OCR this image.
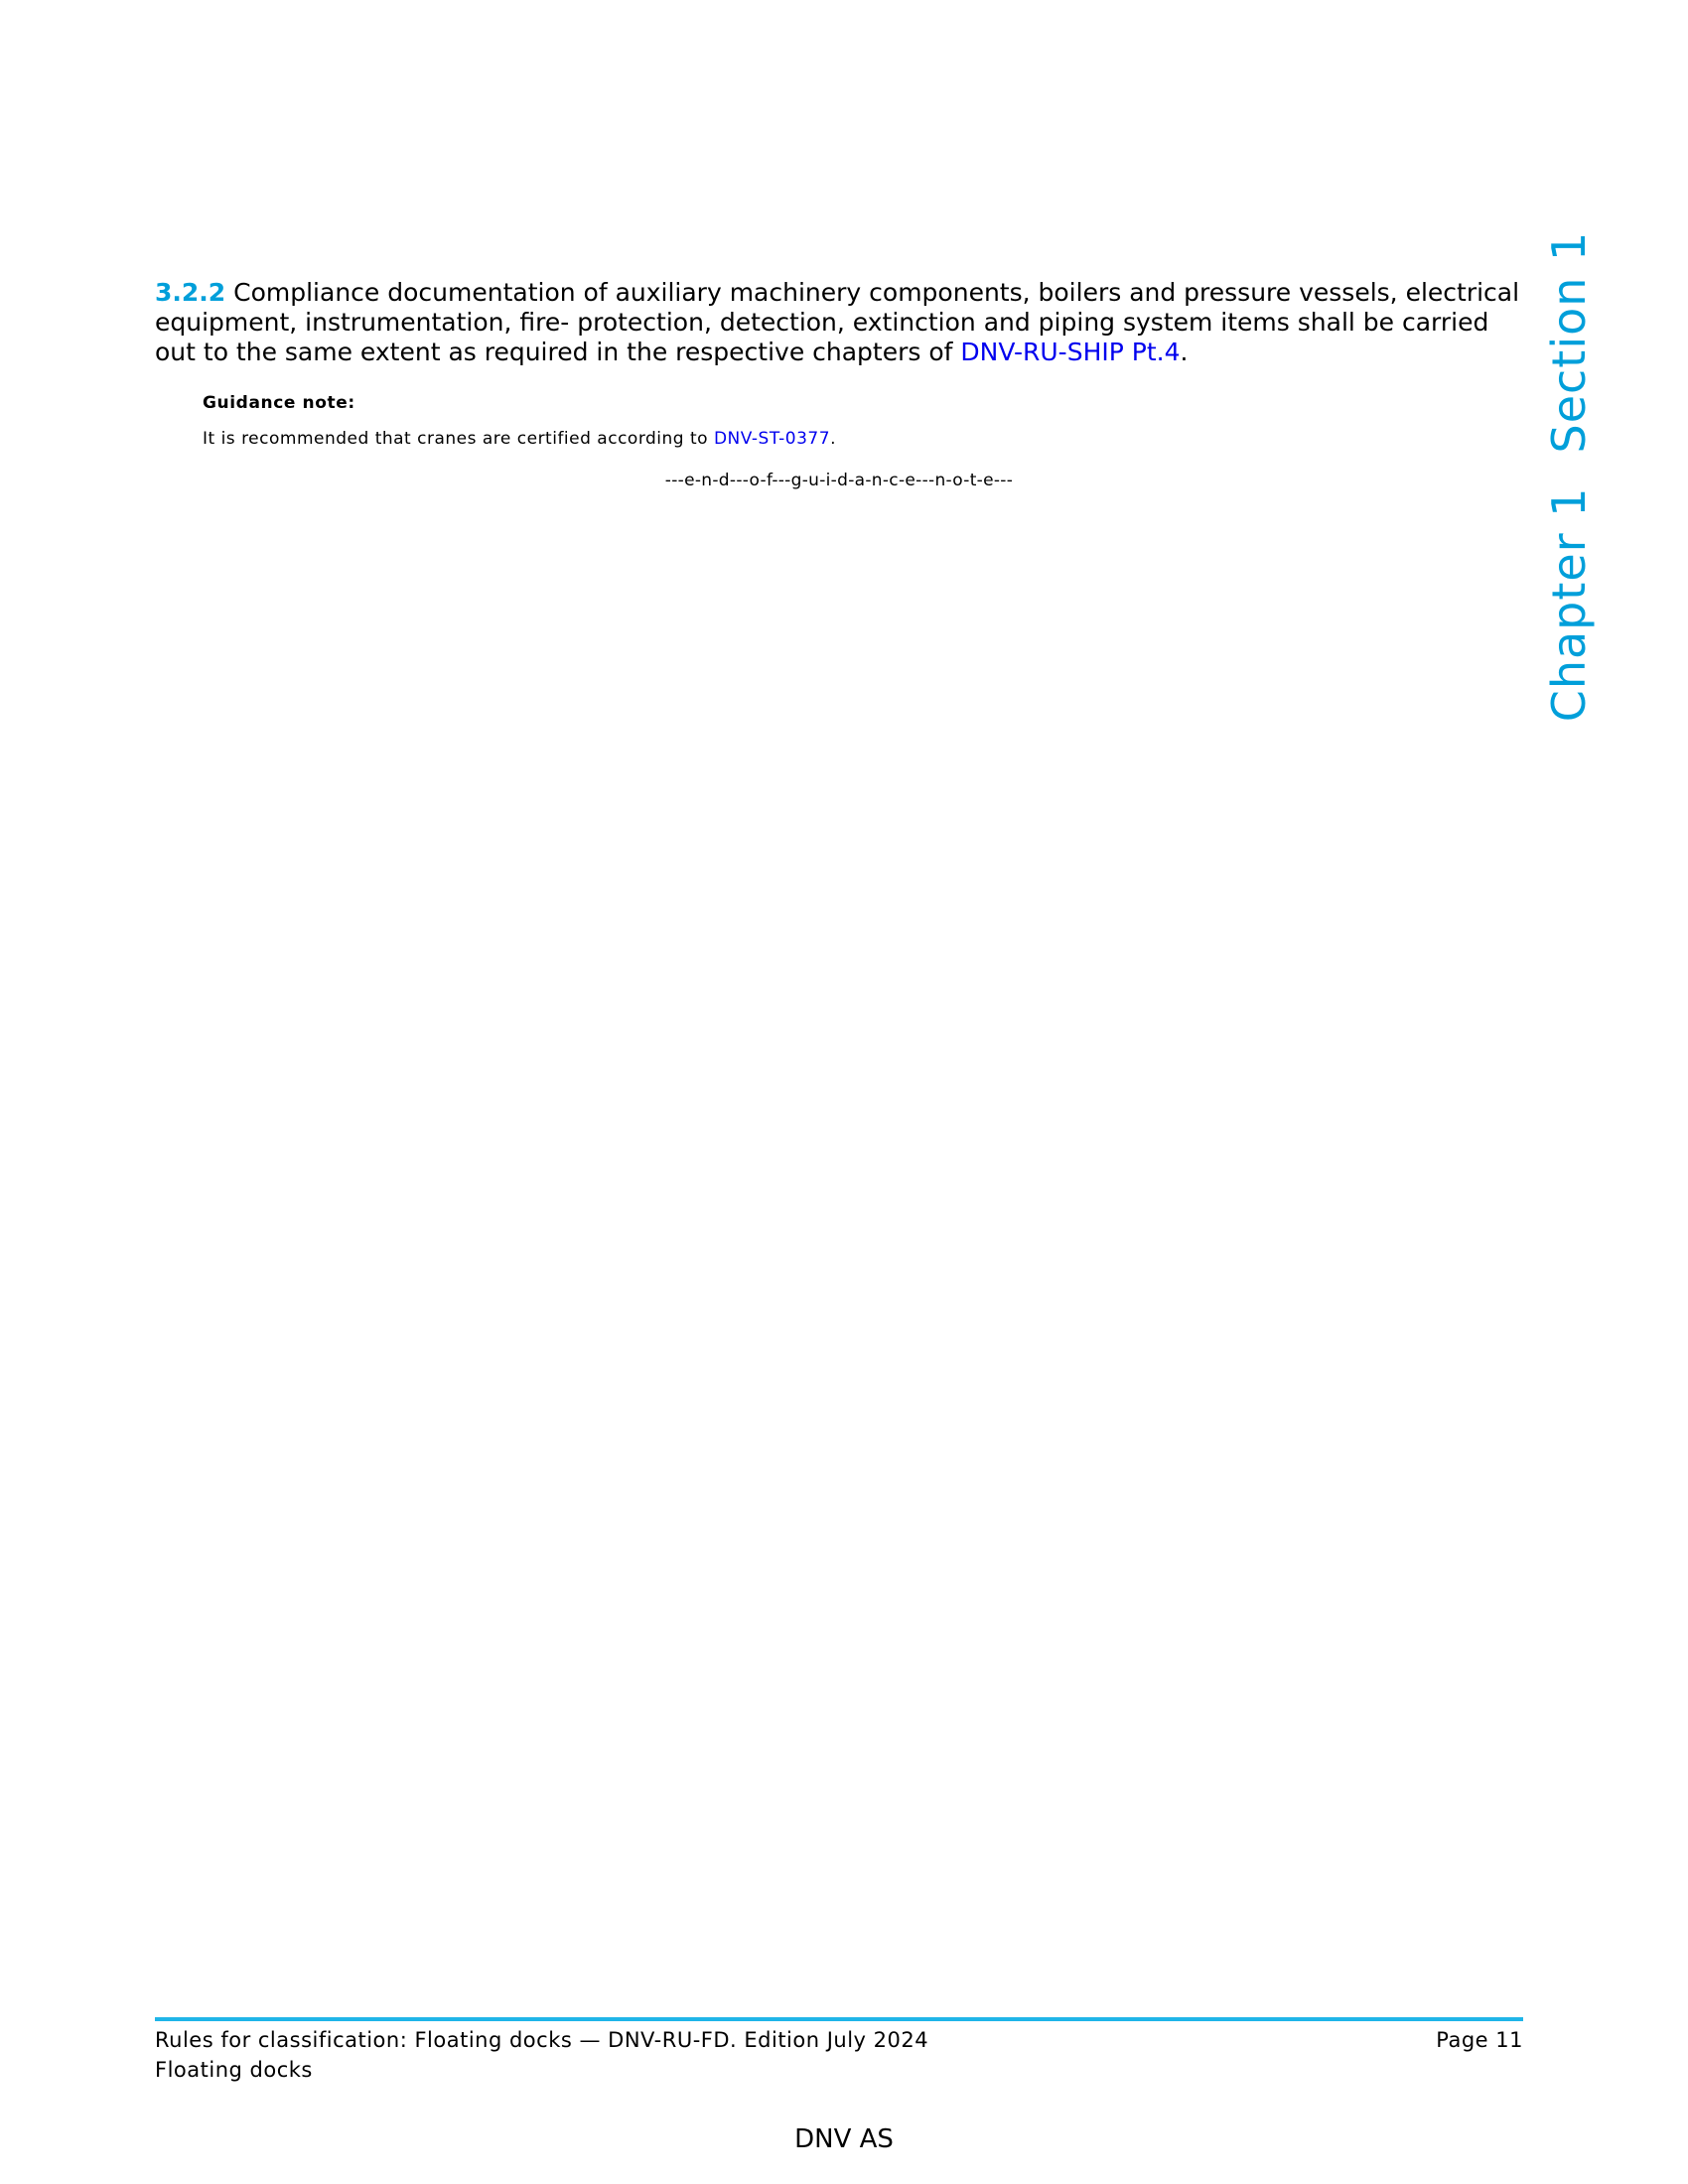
3.2.2 Compliance documentation of auxiliary machinery components, boilers and pressure vessels, electrical equipment, instrumentation, fire- protection, detection, extinction and piping system items shall be carried out to the same extent as required in the respective chapters of DNV-RU-SHIP Pt.4.

Guidance note:

It is recommended that cranes are certified according to DNV-ST-0377.

---e-n-d---o-f---g-u-i-d-a-n-c-e---n-o-t-e---

Chapter 1Section 1
Rules for classification: Floating docks — DNV-RU-FD. Edition July 2024	Page 11
Floating docks
DNV AS
